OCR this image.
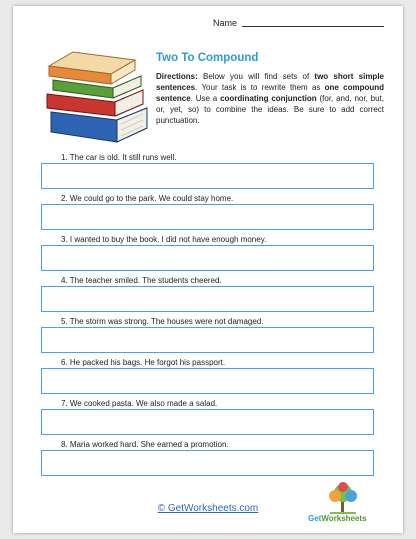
Name
Two To Compound
Directions: Below you will find sets of two short simple sentences. Your task is to rewrite them as one compound sentence. Use a coordinating conjunction (for, and, nor, but, or, yet, so) to combine the ideas. Be sure to add correct punctuation.
1. The car is old. It still runs well.
2. We could go to the park. We could stay home.
3. I wanted to buy the book. I did not have enough money.
4. The teacher smiled. The students cheered.
5. The storm was strong. The houses were not damaged.
6. He packed his bags. He forgot his passport.
7. We cooked pasta. We also made a salad.
8. Maria worked hard. She earned a promotion.
© GetWorksheets.com
GetWorksheets
